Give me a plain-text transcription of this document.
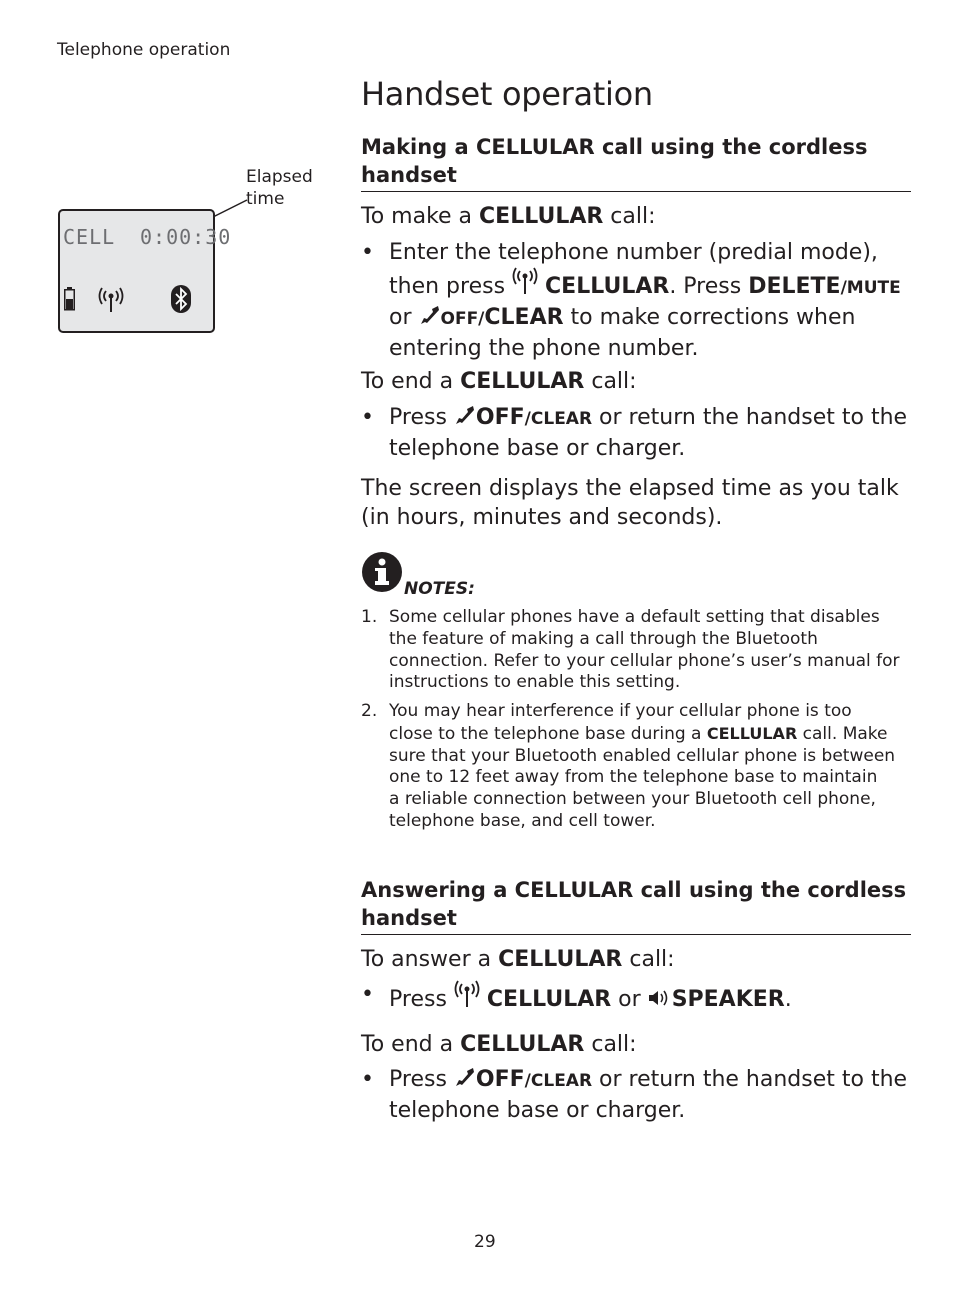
Telephone operation
Handset operation
Elapsed
time
CELL 0:00:30
Making a CELLULAR call using the cordless handset
To make a CELLULAR call:
• Enter the telephone number (predial mode),
then press  CELLULAR. Press DELETE/MUTE
or OFF/CLEAR to make corrections when
entering the phone number.
To end a CELLULAR call:
• Press OFF/CLEAR or return the handset to the
telephone base or charger.
The screen displays the elapsed time as you talk
(in hours, minutes and seconds).
NOTES:
1. Some cellular phones have a default setting that disables
the feature of making a call through the Bluetooth
connection. Refer to your cellular phone’s user’s manual for
instructions to enable this setting.
2. You may hear interference if your cellular phone is too
close to the telephone base during a CELLULAR call. Make
sure that your Bluetooth enabled cellular phone is between
one to 12 feet away from the telephone base to maintain
a reliable connection between your Bluetooth cell phone,
telephone base, and cell tower.
Answering a CELLULAR call using the cordless handset
To answer a CELLULAR call:
• Press  CELLULAR or SPEAKER.
To end a CELLULAR call:
• Press OFF/CLEAR or return the handset to the
telephone base or charger.
29
